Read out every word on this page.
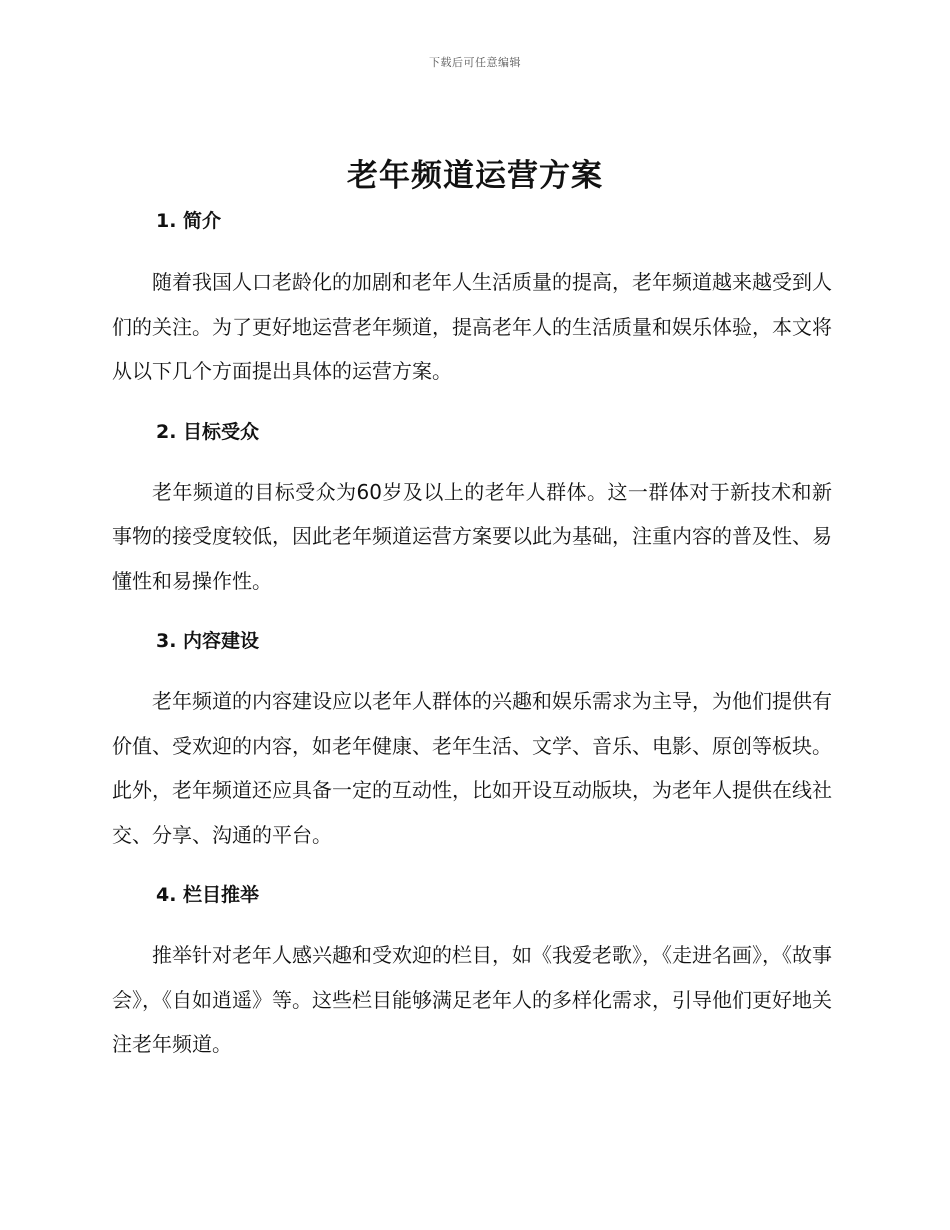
下载后可任意编辑
老年频道运营方案
1. 简介

随着我国人口老龄化的加剧和老年人生活质量的提高，老年频道越来越受到人们的关注。为了更好地运营老年频道，提高老年人的生活质量和娱乐体验，本文将从以下几个方面提出具体的运营方案。

2. 目标受众

老年频道的目标受众为60岁及以上的老年人群体。这一群体对于新技术和新事物的接受度较低，因此老年频道运营方案要以此为基础，注重内容的普及性、易懂性和易操作性。

3. 内容建设

老年频道的内容建设应以老年人群体的兴趣和娱乐需求为主导，为他们提供有价值、受欢迎的内容，如老年健康、老年生活、文学、音乐、电影、原创等板块。此外，老年频道还应具备一定的互动性，比如开设互动版块，为老年人提供在线社交、分享、沟通的平台。

4. 栏目推举

推举针对老年人感兴趣和受欢迎的栏目，如《我爱老歌》，《走进名画》，《故事会》，《自如逍遥》等。这些栏目能够满足老年人的多样化需求，引导他们更好地关注老年频道。
